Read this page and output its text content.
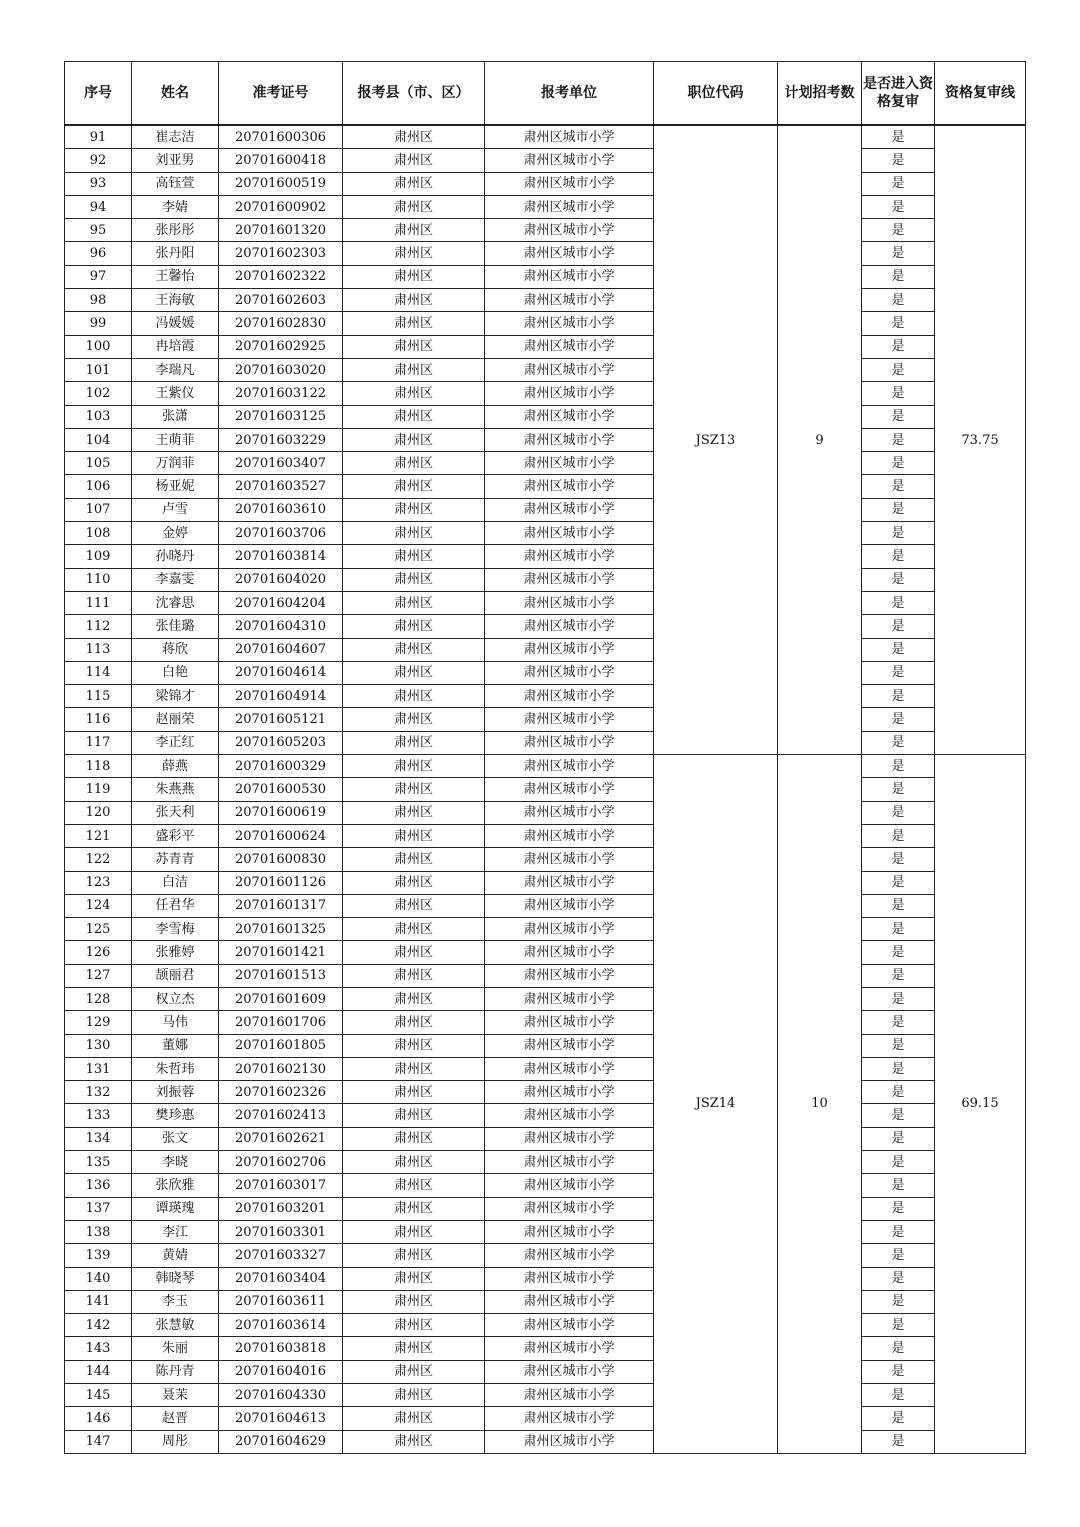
序号	姓名	准考证号	报考县（市、区）	报考单位	职位代码	计划招考数	是否进入资格复审	资格复审线
91	崔志洁	20701600306	肃州区	肃州区城市小学	JSZ13	9	是	73.75
92	刘亚男	20701600418	肃州区	肃州区城市小学			是	
93	高钰萱	20701600519	肃州区	肃州区城市小学			是	
94	李婧	20701600902	肃州区	肃州区城市小学			是	
95	张彤彤	20701601320	肃州区	肃州区城市小学			是	
96	张丹阳	20701602303	肃州区	肃州区城市小学			是	
97	王馨怡	20701602322	肃州区	肃州区城市小学			是	
98	王海敏	20701602603	肃州区	肃州区城市小学			是	
99	冯媛媛	20701602830	肃州区	肃州区城市小学			是	
100	冉培霞	20701602925	肃州区	肃州区城市小学			是	
101	李瑞凡	20701603020	肃州区	肃州区城市小学			是	
102	王紫仪	20701603122	肃州区	肃州区城市小学			是	
103	张潇	20701603125	肃州区	肃州区城市小学			是	
104	王萌菲	20701603229	肃州区	肃州区城市小学			是	
105	万润菲	20701603407	肃州区	肃州区城市小学			是	
106	杨亚妮	20701603527	肃州区	肃州区城市小学			是	
107	卢雪	20701603610	肃州区	肃州区城市小学			是	
108	金婷	20701603706	肃州区	肃州区城市小学			是	
109	孙晓丹	20701603814	肃州区	肃州区城市小学			是	
110	李嘉雯	20701604020	肃州区	肃州区城市小学			是	
111	沈睿思	20701604204	肃州区	肃州区城市小学			是	
112	张佳璐	20701604310	肃州区	肃州区城市小学			是	
113	蒋欣	20701604607	肃州区	肃州区城市小学			是	
114	白艳	20701604614	肃州区	肃州区城市小学			是	
115	梁锦才	20701604914	肃州区	肃州区城市小学			是	
116	赵丽荣	20701605121	肃州区	肃州区城市小学			是	
117	李正红	20701605203	肃州区	肃州区城市小学			是	
118	薛燕	20701600329	肃州区	肃州区城市小学	JSZ14	10	是	69.15
119	朱燕燕	20701600530	肃州区	肃州区城市小学			是	
120	张天利	20701600619	肃州区	肃州区城市小学			是	
121	盛彩平	20701600624	肃州区	肃州区城市小学			是	
122	苏青青	20701600830	肃州区	肃州区城市小学			是	
123	白洁	20701601126	肃州区	肃州区城市小学			是	
124	任君华	20701601317	肃州区	肃州区城市小学			是	
125	李雪梅	20701601325	肃州区	肃州区城市小学			是	
126	张雅婷	20701601421	肃州区	肃州区城市小学			是	
127	颉丽君	20701601513	肃州区	肃州区城市小学			是	
128	权立杰	20701601609	肃州区	肃州区城市小学			是	
129	马伟	20701601706	肃州区	肃州区城市小学			是	
130	董娜	20701601805	肃州区	肃州区城市小学			是	
131	朱哲玮	20701602130	肃州区	肃州区城市小学			是	
132	刘振蓉	20701602326	肃州区	肃州区城市小学			是	
133	樊珍惠	20701602413	肃州区	肃州区城市小学			是	
134	张文	20701602621	肃州区	肃州区城市小学			是	
135	李晓	20701602706	肃州区	肃州区城市小学			是	
136	张欣雅	20701603017	肃州区	肃州区城市小学			是	
137	谭瑛瑰	20701603201	肃州区	肃州区城市小学			是	
138	李江	20701603301	肃州区	肃州区城市小学			是	
139	黄婧	20701603327	肃州区	肃州区城市小学			是	
140	韩晓琴	20701603404	肃州区	肃州区城市小学			是	
141	李玉	20701603611	肃州区	肃州区城市小学			是	
142	张慧敏	20701603614	肃州区	肃州区城市小学			是	
143	朱丽	20701603818	肃州区	肃州区城市小学			是	
144	陈丹青	20701604016	肃州区	肃州区城市小学			是	
145	聂茉	20701604330	肃州区	肃州区城市小学			是	
146	赵晋	20701604613	肃州区	肃州区城市小学			是	
147	周彤	20701604629	肃州区	肃州区城市小学			是	
